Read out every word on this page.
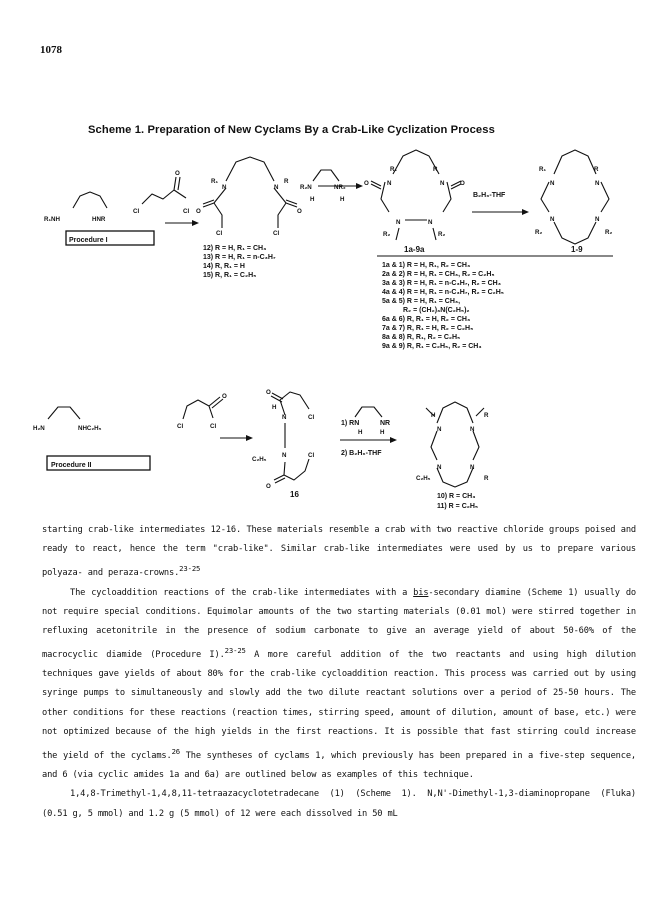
1078
Scheme 1. Preparation of New Cyclams By a Crab-Like Cyclization Process
R₁NH	HNR
Procedure I
Cl	Cl
O
R₁
N	N
R
O	O
Cl	Cl
R₂N	NR₂
H	H
R₁	R
N	N
O	O
N	N
R₂	R₂
1a-9a
B₂H₆-THF
R₁	R
N	N
N	N
R₂	R₂
1-9
12) R = H, R₁ = CH₃
13) R = H, R₁ = n-C₃H₇
14) R, R₁ = H
15) R, R₁ = C₂H₅
1a & 1) R = H, R₁, R₂ = CH₃
2a & 2) R = H, R₁ = CH₃, R₂ = C₂H₅
3a & 3) R = H, R₁ = n-C₃H₇, R₂ = CH₃
4a & 4) R = H, R₁ = n-C₃H₇, R₂ = C₂H₅
5a & 5) R = H, R₁ = CH₃,
R₂ = (CH₂)₃N(C₂H₅)₂
6a & 6) R, R₁ = H, R₂ = CH₃
7a & 7) R, R₁ = H, R₂ = C₂H₅
8a & 8) R, R₁, R₂ = C₂H₅
9a & 9) R, R₁ = C₂H₅, R₂ = CH₃
H₂N	NHC₂H₅
Procedure II
Cl	Cl
O
O
H
N	Cl
N	Cl
C₂H₅
O
16
1) RN	NR
H	H
2) B₂H₆-THF
H	R
N	N
N	N
C₂H₅	R
10) R = CH₃
11) R = C₂H₅

starting crab-like intermediates 12-16. These materials resemble a crab with two reactive chloride groups poised and ready to react, hence the term "crab-like". Similar crab-like intermediates were used by us to prepare various polyaza- and peraza-crowns.$^{23-25}$

The cycloaddition reactions of the crab-like intermediates with a bis-secondary diamine (Scheme 1) usually do not require special conditions. Equimolar amounts of the two starting materials (0.01 mol) were stirred together in refluxing acetonitrile in the presence of sodium carbonate to give an average yield of about 50-60% of the macrocyclic diamide (Procedure I).$^{23-25}$ A more careful addition of the two reactants and using high dilution techniques gave yields of about 80% for the crab-like cycloaddition reaction. This process was carried out by using syringe pumps to simultaneously and slowly add the two dilute reactant solutions over a period of 25-50 hours. The other conditions for these reactions (reaction times, stirring speed, amount of dilution, amount of base, etc.) were not optimized because of the high yields in the first reactions. It is possible that fast stirring could increase the yield of the cyclams.$^{26}$ The syntheses of cyclams 1, which previously has been prepared in a five-step sequence, and 6 (via cyclic amides 1a and 6a) are outlined below as examples of this technique.

1,4,8-Trimethyl-1,4,8,11-tetraazacyclotetradecane (1) (Scheme 1). N,N'-Dimethyl-1,3-diaminopropane (Fluka) (0.51 g, 5 mmol) and 1.2 g (5 mmol) of 12 were each dissolved in 50 mL
